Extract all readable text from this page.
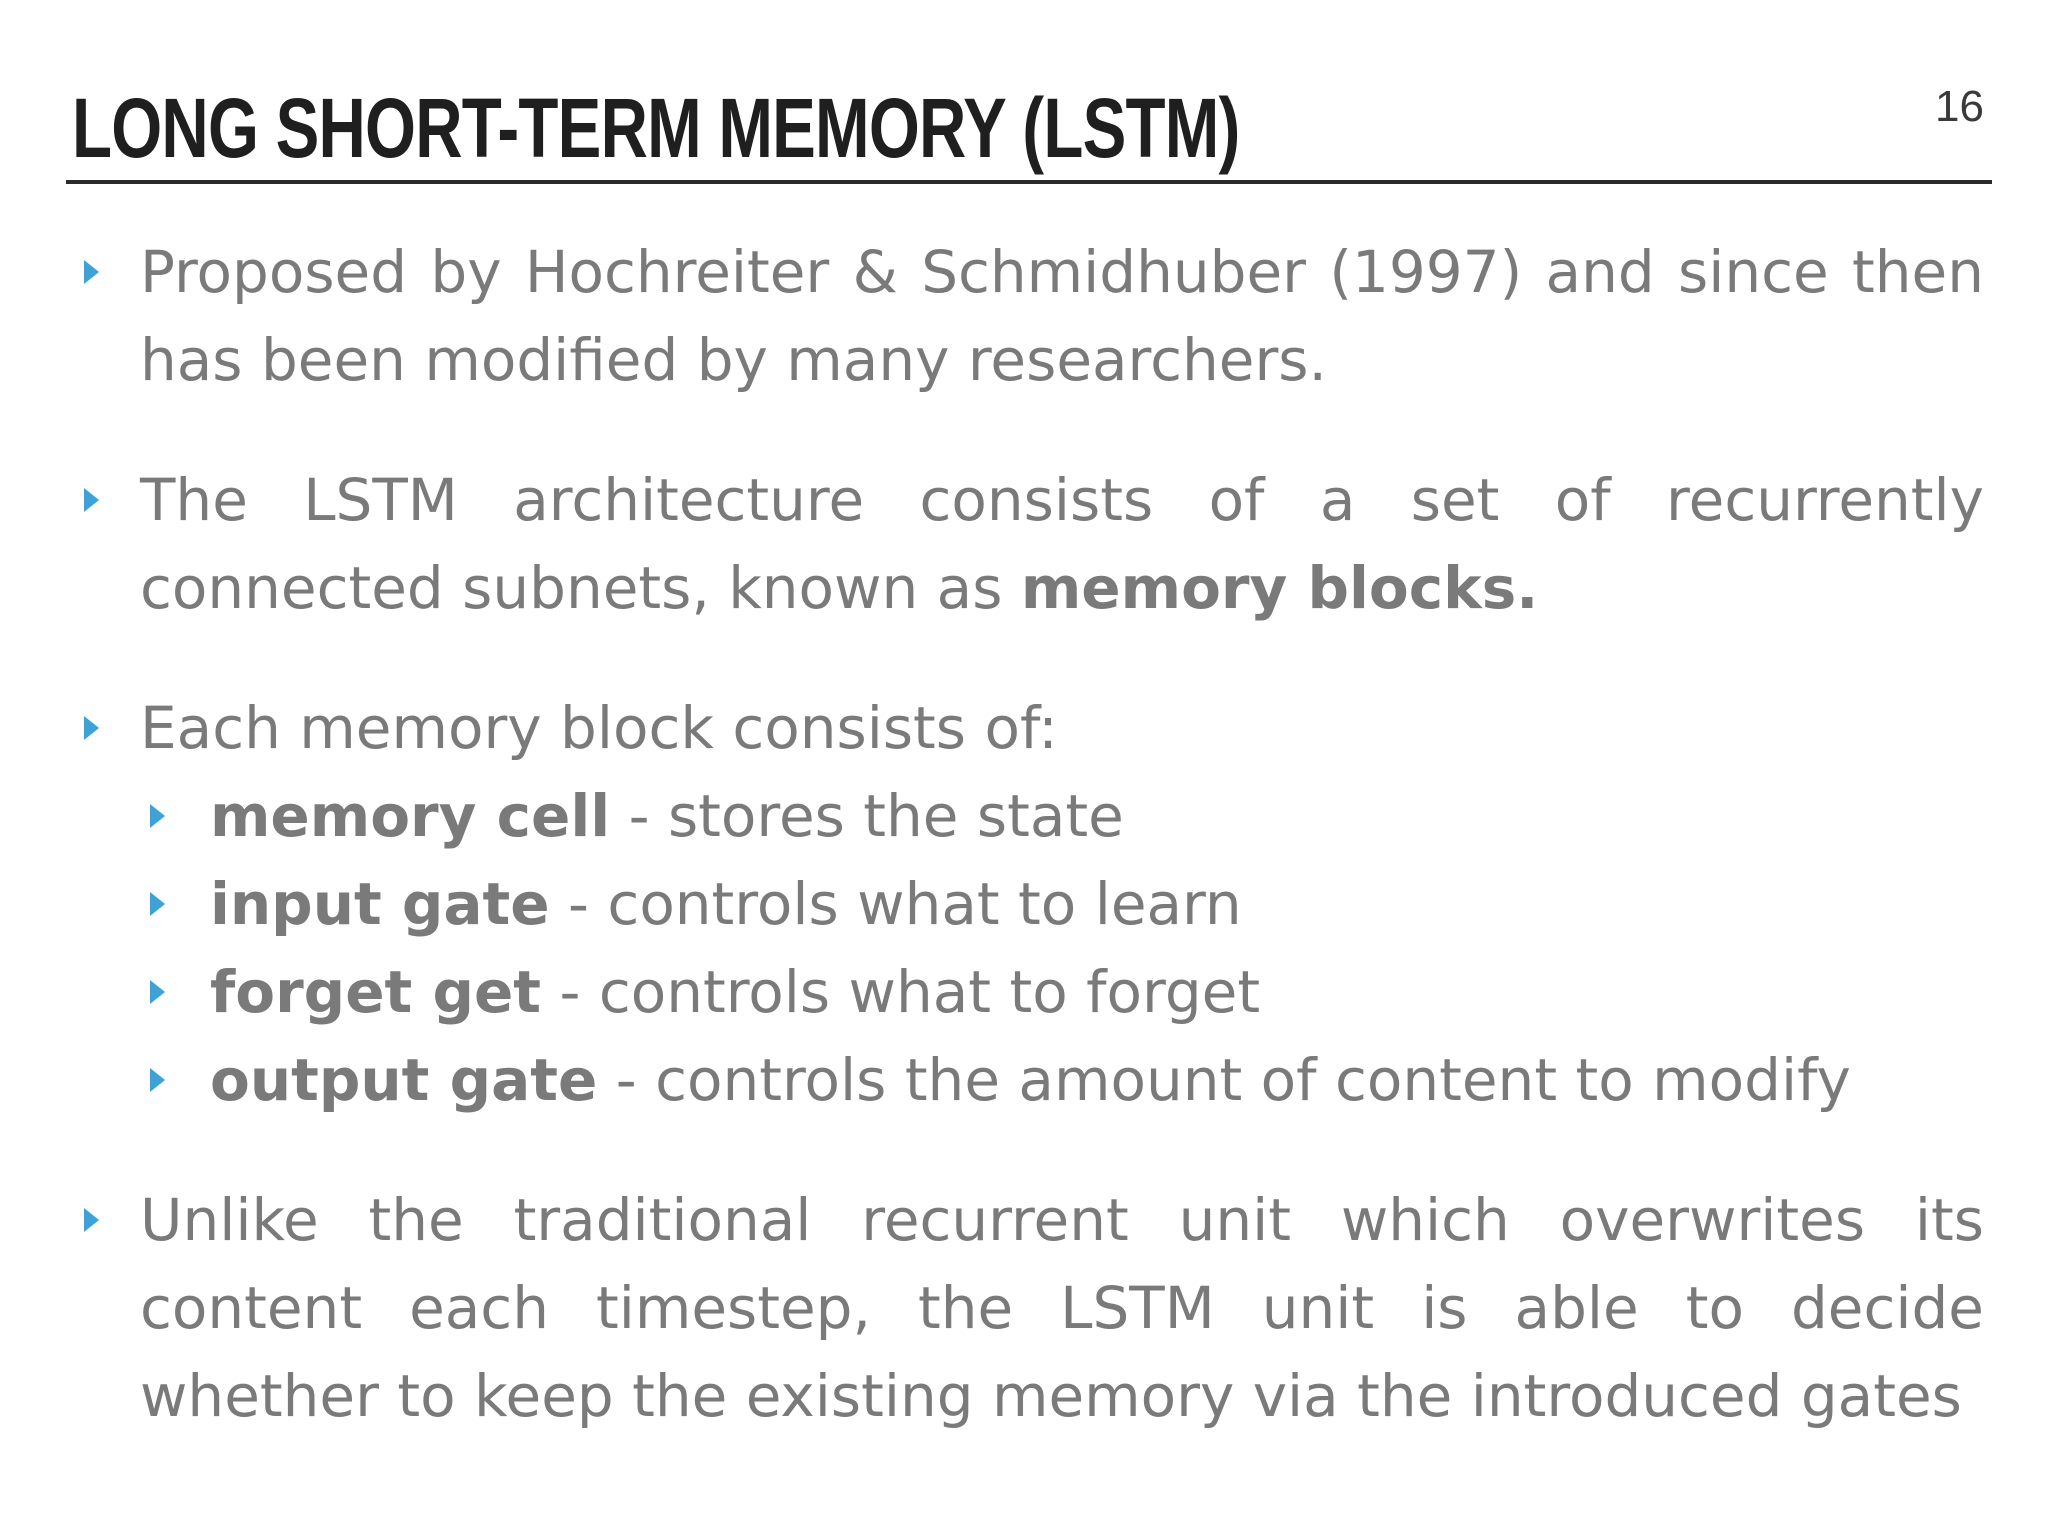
LONG SHORT-TERM MEMORY (LSTM)	16
Proposed by Hochreiter & Schmidhuber (1997) and since then has been modified by many researchers.
The LSTM architecture consists of a set of recurrently connected subnets, known as memory blocks.
Each memory block consists of:
memory cell - stores the state
input gate - controls what to learn
forget get - controls what to forget
output gate - controls the amount of content to modify
Unlike the traditional recurrent unit which overwrites its content each timestep, the LSTM unit is able to decide whether to keep the existing memory via the introduced gates
